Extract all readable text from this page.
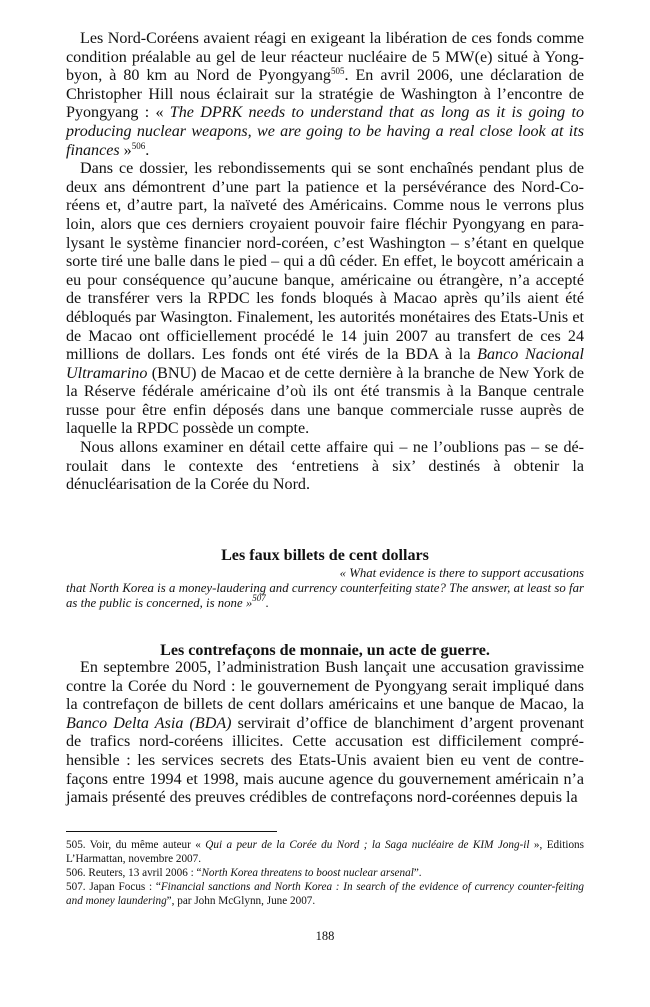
Les Nord-Coréens avaient réagi en exigeant la libération de ces fonds comme condition préalable au gel de leur réacteur nucléaire de 5 MW(e) situé à Yong-byon, à 80 km au Nord de Pyongyang$^{505}$. En avril 2006, une déclaration de Christopher Hill nous éclairait sur la stratégie de Washington à l’encontre de Pyongyang : « The DPRK needs to understand that as long as it is going to producing nuclear weapons, we are going to be having a real close look at its finances »$^{506}$.

Dans ce dossier, les rebondissements qui se sont enchaînés pendant plus de deux ans démontrent d’une part la patience et la persévérance des Nord-Co-réens et, d’autre part, la naïveté des Américains. Comme nous le verrons plus loin, alors que ces derniers croyaient pouvoir faire fléchir Pyongyang en para-lysant le système financier nord-coréen, c’est Washington – s’étant en quelque sorte tiré une balle dans le pied – qui a dû céder. En effet, le boycott américain a eu pour conséquence qu’aucune banque, américaine ou étrangère, n’a accepté de transférer vers la RPDC les fonds bloqués à Macao après qu’ils aient été débloqués par Wasington. Finalement, les autorités monétaires des Etats-Unis et de Macao ont officiellement procédé le 14 juin 2007 au transfert de ces 24 millions de dollars. Les fonds ont été virés de la BDA à la Banco Nacional Ultramarino (BNU) de Macao et de cette dernière à la branche de New York de la Réserve fédérale américaine d’où ils ont été transmis à la Banque centrale russe pour être enfin déposés dans une banque commerciale russe auprès de laquelle la RPDC possède un compte.

Nous allons examiner en détail cette affaire qui – ne l’oublions pas – se dé-roulait dans le contexte des ‘entretiens à six’ destinés à obtenir la dénucléarisation de la Corée du Nord.

Les faux billets de cent dollars

« What evidence is there to support accusations
that North Korea is a money-laudering and currency counterfeiting state? The answer, at least so far as the public is concerned, is none »$^{507}$.

Les contrefaçons de monnaie, un acte de guerre.

En septembre 2005, l’administration Bush lançait une accusation gravissime contre la Corée du Nord : le gouvernement de Pyongyang serait impliqué dans la contrefaçon de billets de cent dollars américains et une banque de Macao, la Banco Delta Asia (BDA) servirait d’office de blanchiment d’argent provenant de trafics nord-coréens illicites. Cette accusation est difficilement compré-hensible : les services secrets des Etats-Unis avaient bien eu vent de contre-façons entre 1994 et 1998, mais aucune agence du gouvernement américain n’a jamais présenté des preuves crédibles de contrefaçons nord-coréennes depuis la

505. Voir, du même auteur « Qui a peur de la Corée du Nord ; la Saga nucléaire de KIM Jong-il », Editions L’Harmattan, novembre 2007.

506. Reuters, 13 avril 2006 : “North Korea threatens to boost nuclear arsenal”.

507. Japan Focus : “Financial sanctions and North Korea : In search of the evidence of currency counter-feiting and money laundering”, par John McGlynn, June 2007.

188
